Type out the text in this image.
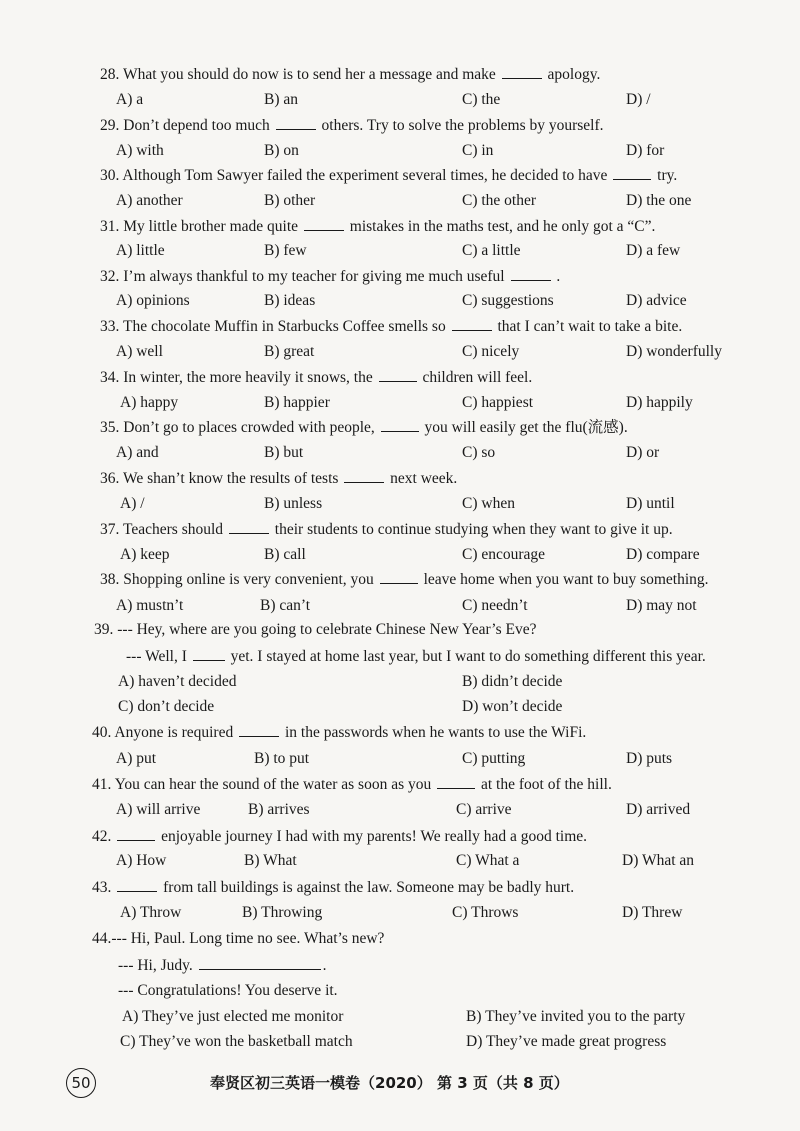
28. What you should do now is to send her a message and make	apology.
A) a	B) an	C) the	D) /
29. Don’t depend too much	others. Try to solve the problems by yourself.
A) with	B) on	C) in	D) for
30. Although Tom Sawyer failed the experiment several times, he decided to have	try.
A) another	B) other	C) the other	D) the one
31. My little brother made quite	mistakes in the maths test, and he only got a “C”.
A) little	B) few	C) a little	D) a few
32. I’m always thankful to my teacher for giving me much useful	.
A) opinions	B) ideas	C) suggestions	D) advice
33. The chocolate Muffin in Starbucks Coffee smells so	that I can’t wait to take a bite.
A) well	B) great	C) nicely	D) wonderfully
34. In winter, the more heavily it snows, the	children will feel.
A) happy	B) happier	C) happiest	D) happily
35. Don’t go to places crowded with people,	you will easily get the flu(流感).
A) and	B) but	C) so	D) or
36. We shan’t know the results of tests	next week.
A) /	B) unless	C) when	D) until
37. Teachers should	their students to continue studying when they want to give it up.
A) keep	B) call	C) encourage	D) compare
38. Shopping online is very convenient, you	leave home when you want to buy something.
A) mustn’t	B) can’t	C) needn’t	D) may not
39. --- Hey, where are you going to celebrate Chinese New Year’s Eve?
--- Well, I	yet. I stayed at home last year, but I want to do something different this year.
A) haven’t decided	B) didn’t decide
C) don’t decide	D) won’t decide
40. Anyone is required	in the passwords when he wants to use the WiFi.
A) put	B) to put	C) putting	D) puts
41. You can hear the sound of the water as soon as you	at the foot of the hill.
A) will arrive	B) arrives	C) arrive	D) arrived
42.	enjoyable journey I had with my parents! We really had a good time.
A) How	B) What	C) What a	D) What an
43.	from tall buildings is against the law. Someone may be badly hurt.
A) Throw	B) Throwing	C) Throws	D) Threw
44.--- Hi, Paul. Long time no see. What’s new?
--- Hi, Judy.	.
--- Congratulations! You deserve it.
A) They’ve just elected me monitor	B) They’ve invited you to the party
C) They’ve won the basketball match	D) They’ve made great progress
50	奉贤区初三英语一模卷（2020） 第 3 页（共 8 页）
